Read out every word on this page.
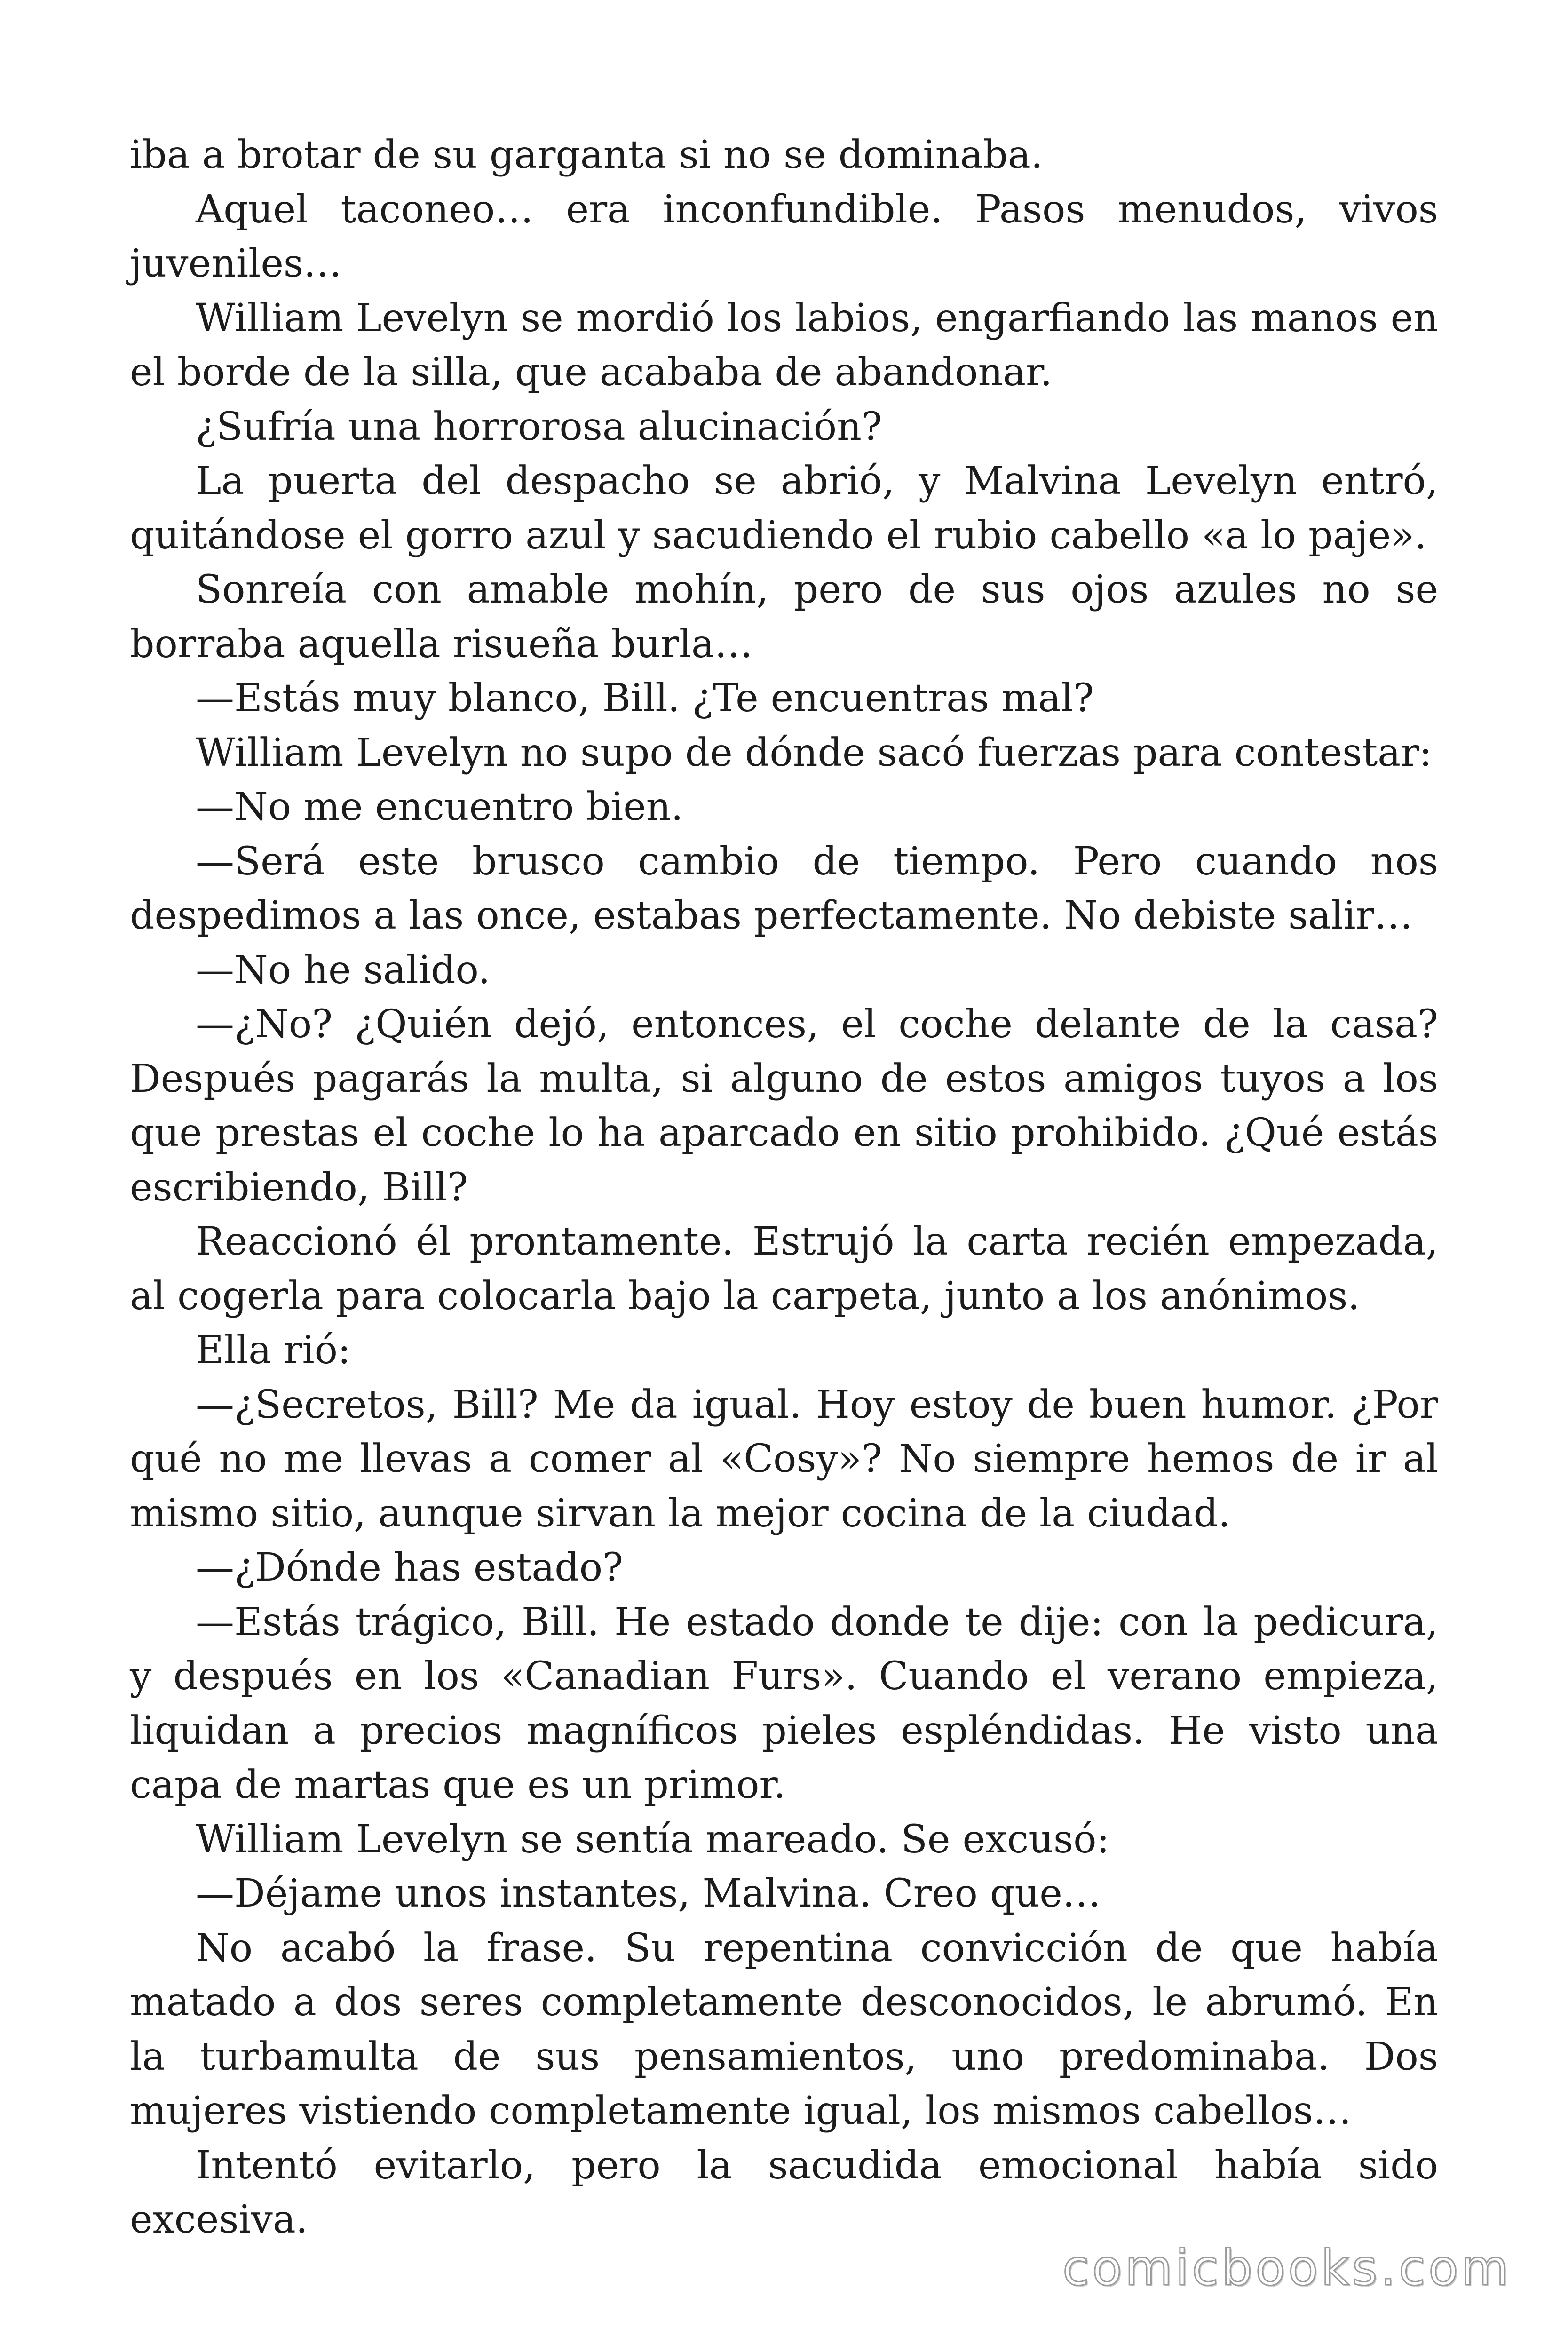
iba a brotar de su garganta si no se dominaba.

Aquel taconeo… era inconfundible. Pasos menudos, vivos juveniles…

William Levelyn se mordió los labios, engarfiando las manos en el borde de la silla, que acababa de abandonar.

¿Sufría una horrorosa alucinación?

La puerta del despacho se abrió, y Malvina Levelyn entró, quitándose el gorro azul y sacudiendo el rubio cabello «a lo paje».

Sonreía con amable mohín, pero de sus ojos azules no se borraba aquella risueña burla…

—Estás muy blanco, Bill. ¿Te encuentras mal?

William Levelyn no supo de dónde sacó fuerzas para contestar:

—No me encuentro bien.

—Será este brusco cambio de tiempo. Pero cuando nos despedimos a las once, estabas perfectamente. No debiste salir…

—No he salido.

—¿No? ¿Quién dejó, entonces, el coche delante de la casa? Después pagarás la multa, si alguno de estos amigos tuyos a los que prestas el coche lo ha aparcado en sitio prohibido. ¿Qué estás escribiendo, Bill?

Reaccionó él prontamente. Estrujó la carta recién empezada, al cogerla para colocarla bajo la carpeta, junto a los anónimos.

Ella rió:

—¿Secretos, Bill? Me da igual. Hoy estoy de buen humor. ¿Por qué no me llevas a comer al «Cosy»? No siempre hemos de ir al mismo sitio, aunque sirvan la mejor cocina de la ciudad.

—¿Dónde has estado?

—Estás trágico, Bill. He estado donde te dije: con la pedicura, y después en los «Canadian Furs». Cuando el verano empieza, liquidan a precios magníficos pieles espléndidas. He visto una capa de martas que es un primor.

William Levelyn se sentía mareado. Se excusó:

—Déjame unos instantes, Malvina. Creo que…

No acabó la frase. Su repentina convicción de que había matado a dos seres completamente desconocidos, le abrumó. En la turbamulta de sus pensamientos, uno predominaba. Dos mujeres vistiendo completamente igual, los mismos cabellos…

Intentó evitarlo, pero la sacudida emocional había sido excesiva.

comicbooks.com
